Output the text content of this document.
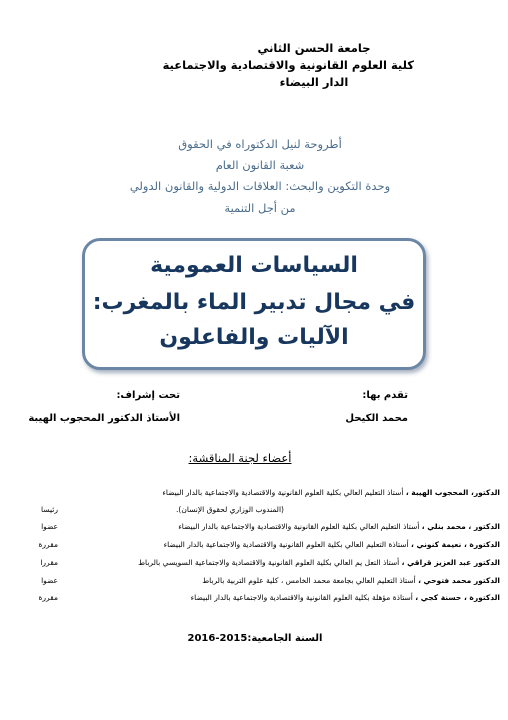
جامعة الحسن الثاني
كلية العلوم القانونية والاقتصادية والاجتماعية
الدار البيضاء
أطروحة لنيل الدكتوراه في الحقوق
شعبة القانون العام
وحدة التكوين والبحث: العلاقات الدولية والقانون الدولي
من أجل التنمية
السياسات العمومية
في مجال تدبير الماء بالمغرب:
الآليات والفاعلون
تقدم بها:
محمد الكيحل
تحت إشراف:
الأستاذ الدكتور المحجوب الهيبة
أعضاء لجنة المناقشة:
الدكتور، المحجوب الهيبة ، أستاذ التعليم العالي بكلية العلوم القانونية والاقتصادية والاجتماعية بالدار البيضاء
(المندوب الوزاري لحقوق الإنسان).
رئيسا
الدكتور ، محمد بنلي ، أستاذ التعليم العالي بكلية العلوم القانونية والاقتصادية والاجتماعية بالدار البيضاء
عضوا
الدكتورة ، نعيمة كنوني ، أستاذة التعليم العالي بكلية العلوم القانونية والاقتصادية والاجتماعية بالدار البيضاء
مقررة
الدكتور عبد العزيز قراقي ، أستاذ التعل يم العالي بكلية العلوم القانونية والاقتصادية والاجتماعية السويسي بالرباط
مقررا
الدكتور محمد فتوحي ، أستاذ التعليم العالي بجامعة محمد الخامس ، كلية علوم التربية بالرباط
عضوا
الدكتورة ، حسنة كجي ، أستاذة مؤهلة بكلية العلوم القانونية والاقتصادية والاجتماعية بالدار البيضاء
مقررة
السنة الجامعية:2015-2016
